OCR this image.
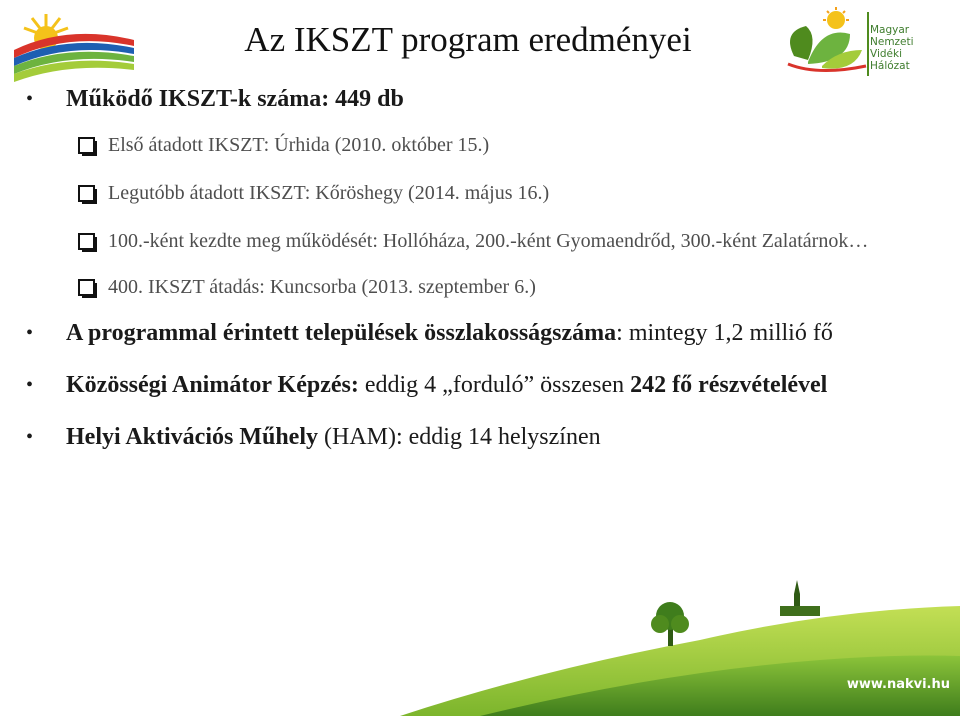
Magyar
Nemzeti
Vidéki
Hálózat
Az IKSZT program eredményei
• Működő IKSZT-k száma: 449 db
Első átadott IKSZT: Úrhida (2010. október 15.)
Legutóbb átadott IKSZT: Kőröshegy (2014. május 16.)
100.-ként kezdte meg működését: Hollóháza, 200.-ként Gyomaendrőd, 300.-ként Zalatárnok…
400. IKSZT átadás: Kuncsorba (2013. szeptember 6.)
• A programmal érintett települések összlakosságszáma: mintegy 1,2 millió fő
• Közösségi Animátor Képzés: eddig 4 „forduló” összesen 242 fő részvételével
• Helyi Aktivációs Műhely (HAM): eddig 14 helyszínen
www.nakvi.hu
